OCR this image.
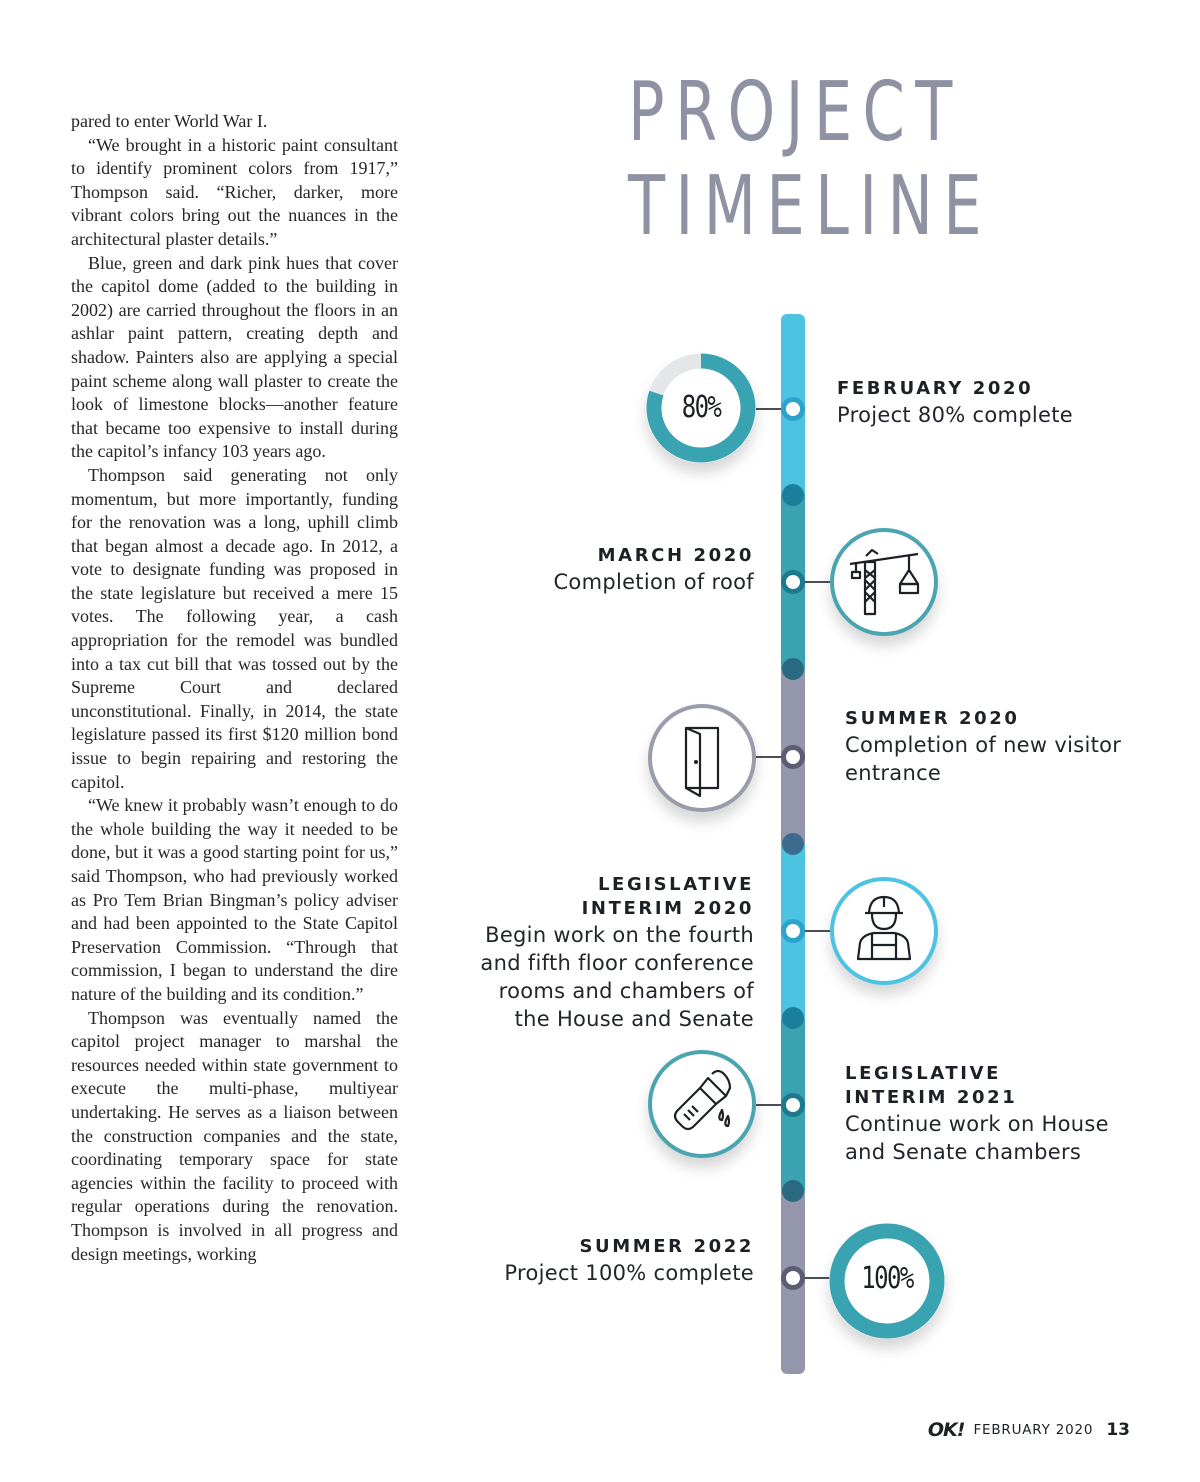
pared to enter World War I.

“We brought in a historic paint consultant to identify prominent colors from 1917,” Thompson said. “Richer, darker, more vibrant colors bring out the nuances in the architectural plaster details.”

Blue, green and dark pink hues that cover the capitol dome (added to the building in 2002) are carried throughout the floors in an ashlar paint pattern, creating depth and shadow. Painters also are applying a special paint scheme along wall plaster to create the look of limestone blocks—another feature that became too expensive to install during the capitol’s infancy 103 years ago.

Thompson said generating not only momentum, but more importantly, funding for the renovation was a long, uphill climb that began almost a decade ago. In 2012, a vote to designate funding was proposed in the state legislature but received a mere 15 votes. The following year, a cash appropriation for the remodel was bundled into a tax cut bill that was tossed out by the Supreme Court and declared unconstitutional. Finally, in 2014, the state legislature passed its first $120 million bond issue to begin repairing and restoring the capitol.

“We knew it probably wasn’t enough to do the whole building the way it needed to be done, but it was a good starting point for us,” said Thompson, who had previously worked as Pro Tem Brian Bingman’s policy adviser and had been appointed to the State Capitol Preservation Commission. “Through that commission, I began to understand the dire nature of the building and its condition.”

Thompson was eventually named the capitol project manager to marshal the resources needed within state government to execute the multi-phase, multiyear undertaking. He serves as a liaison between the construction companies and the state, coordinating temporary space for state agencies within the facility to proceed with regular operations during the renovation. Thompson is involved in all progress and design meetings, working

PROJECT
TIMELINE
80%
FEBRUARY 2020
Project 80% complete
MARCH 2020
Completion of roof
SUMMER 2020
Completion of new visitor entrance
LEGISLATIVE INTERIM 2020
Begin work on the fourth and fifth floor conference rooms and chambers of the House and Senate
LEGISLATIVE INTERIM 2021
Continue work on House and Senate chambers
SUMMER 2022
Project 100% complete	100%
OK! FEBRUARY 2020 13
